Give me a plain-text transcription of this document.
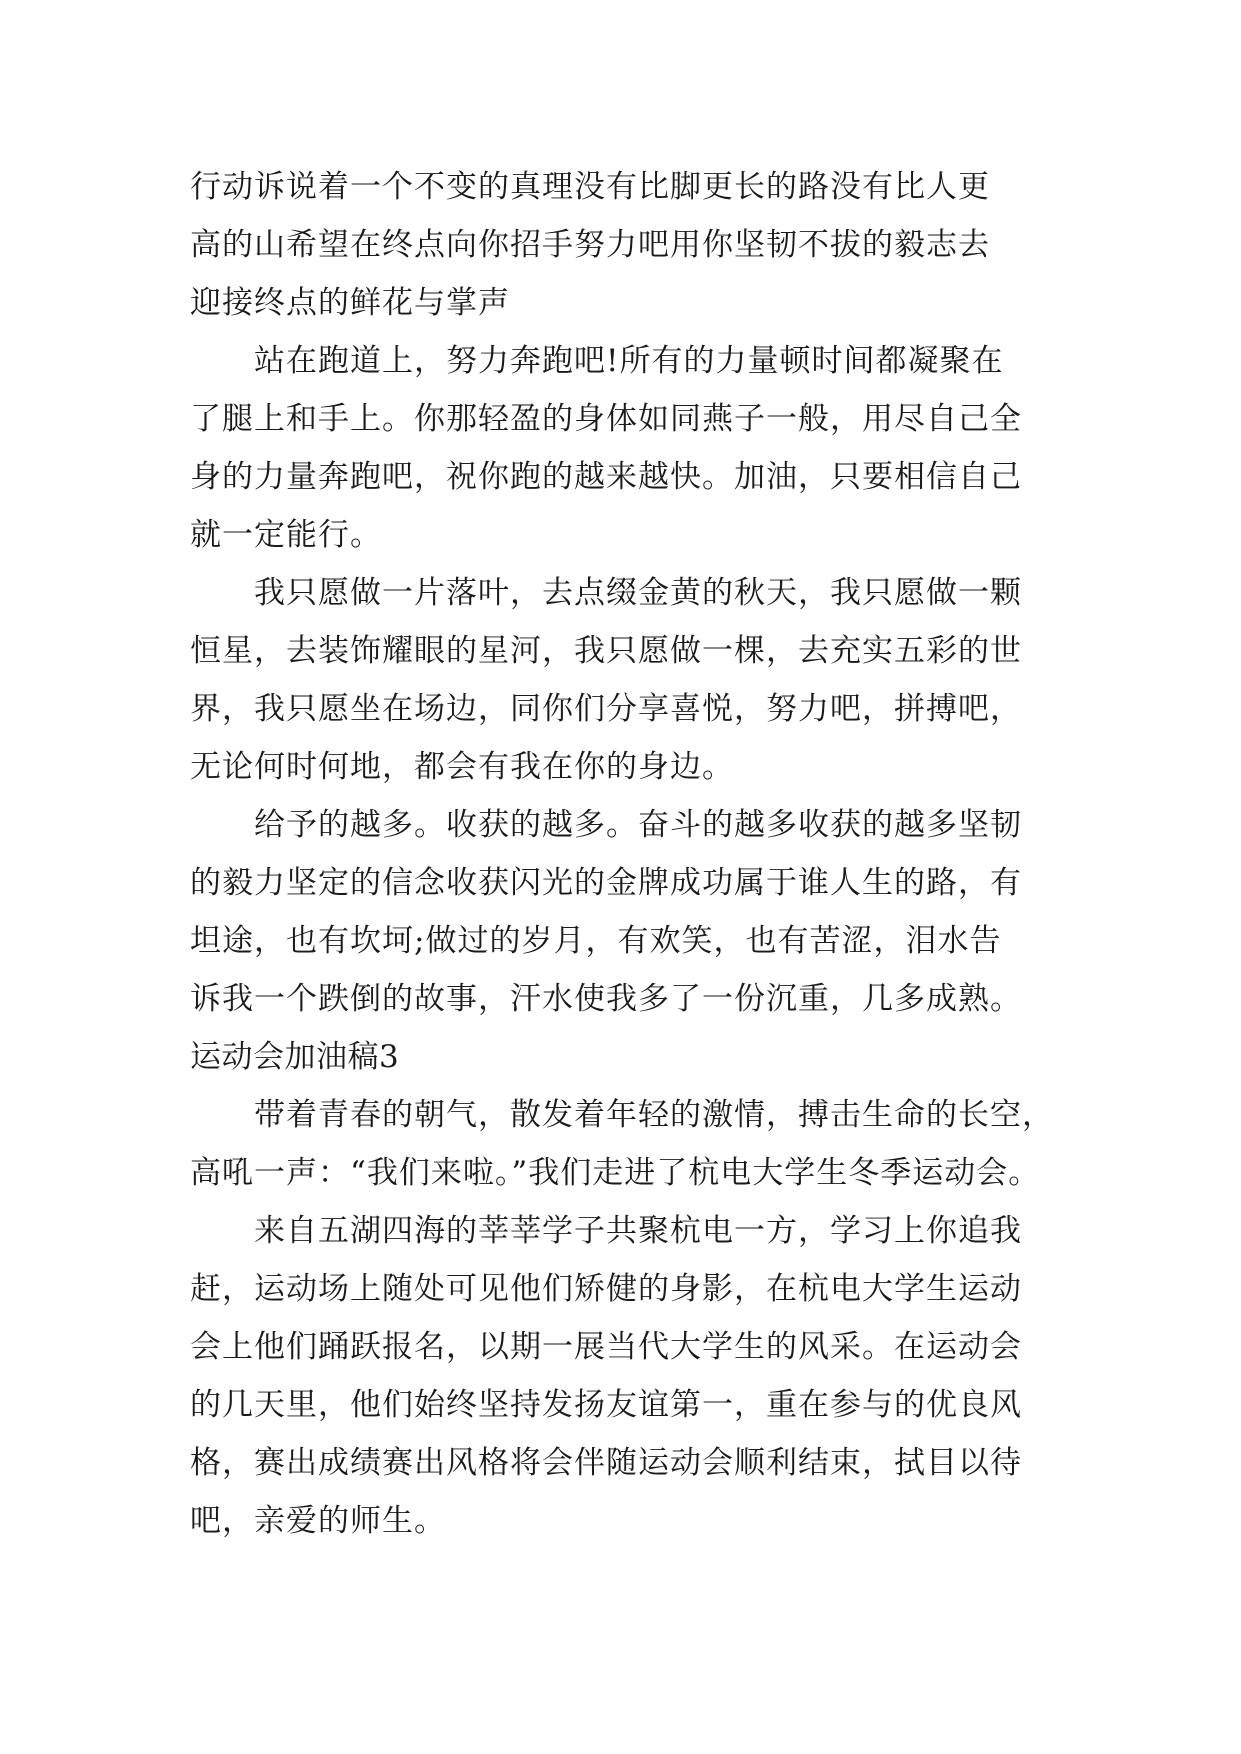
行动诉说着一个不变的真理没有比脚更长的路没有比人更
高的山希望在终点向你招手努力吧用你坚韧不拔的毅志去
迎接终点的鲜花与掌声
站在跑道上，努力奔跑吧!所有的力量顿时间都凝聚在
了腿上和手上。你那轻盈的身体如同燕子一般，用尽自己全
身的力量奔跑吧，祝你跑的越来越快。加油，只要相信自己
就一定能行。
我只愿做一片落叶，去点缀金黄的秋天，我只愿做一颗
恒星，去装饰耀眼的星河，我只愿做一棵，去充实五彩的世
界，我只愿坐在场边，同你们分享喜悦，努力吧，拼搏吧，
无论何时何地，都会有我在你的身边。
给予的越多。收获的越多。奋斗的越多收获的越多坚韧
的毅力坚定的信念收获闪光的金牌成功属于谁人生的路，有
坦途，也有坎坷;做过的岁月，有欢笑，也有苦涩，泪水告
诉我一个跌倒的故事，汗水使我多了一份沉重，几多成熟。
运动会加油稿3
带着青春的朝气，散发着年轻的激情，搏击生命的长空，
高吼一声：“我们来啦。”我们走进了杭电大学生冬季运动会。
来自五湖四海的莘莘学子共聚杭电一方，学习上你追我
赶，运动场上随处可见他们矫健的身影，在杭电大学生运动
会上他们踊跃报名，以期一展当代大学生的风采。在运动会
的几天里，他们始终坚持发扬友谊第一，重在参与的优良风
格，赛出成绩赛出风格将会伴随运动会顺利结束，拭目以待
吧，亲爱的师生。
